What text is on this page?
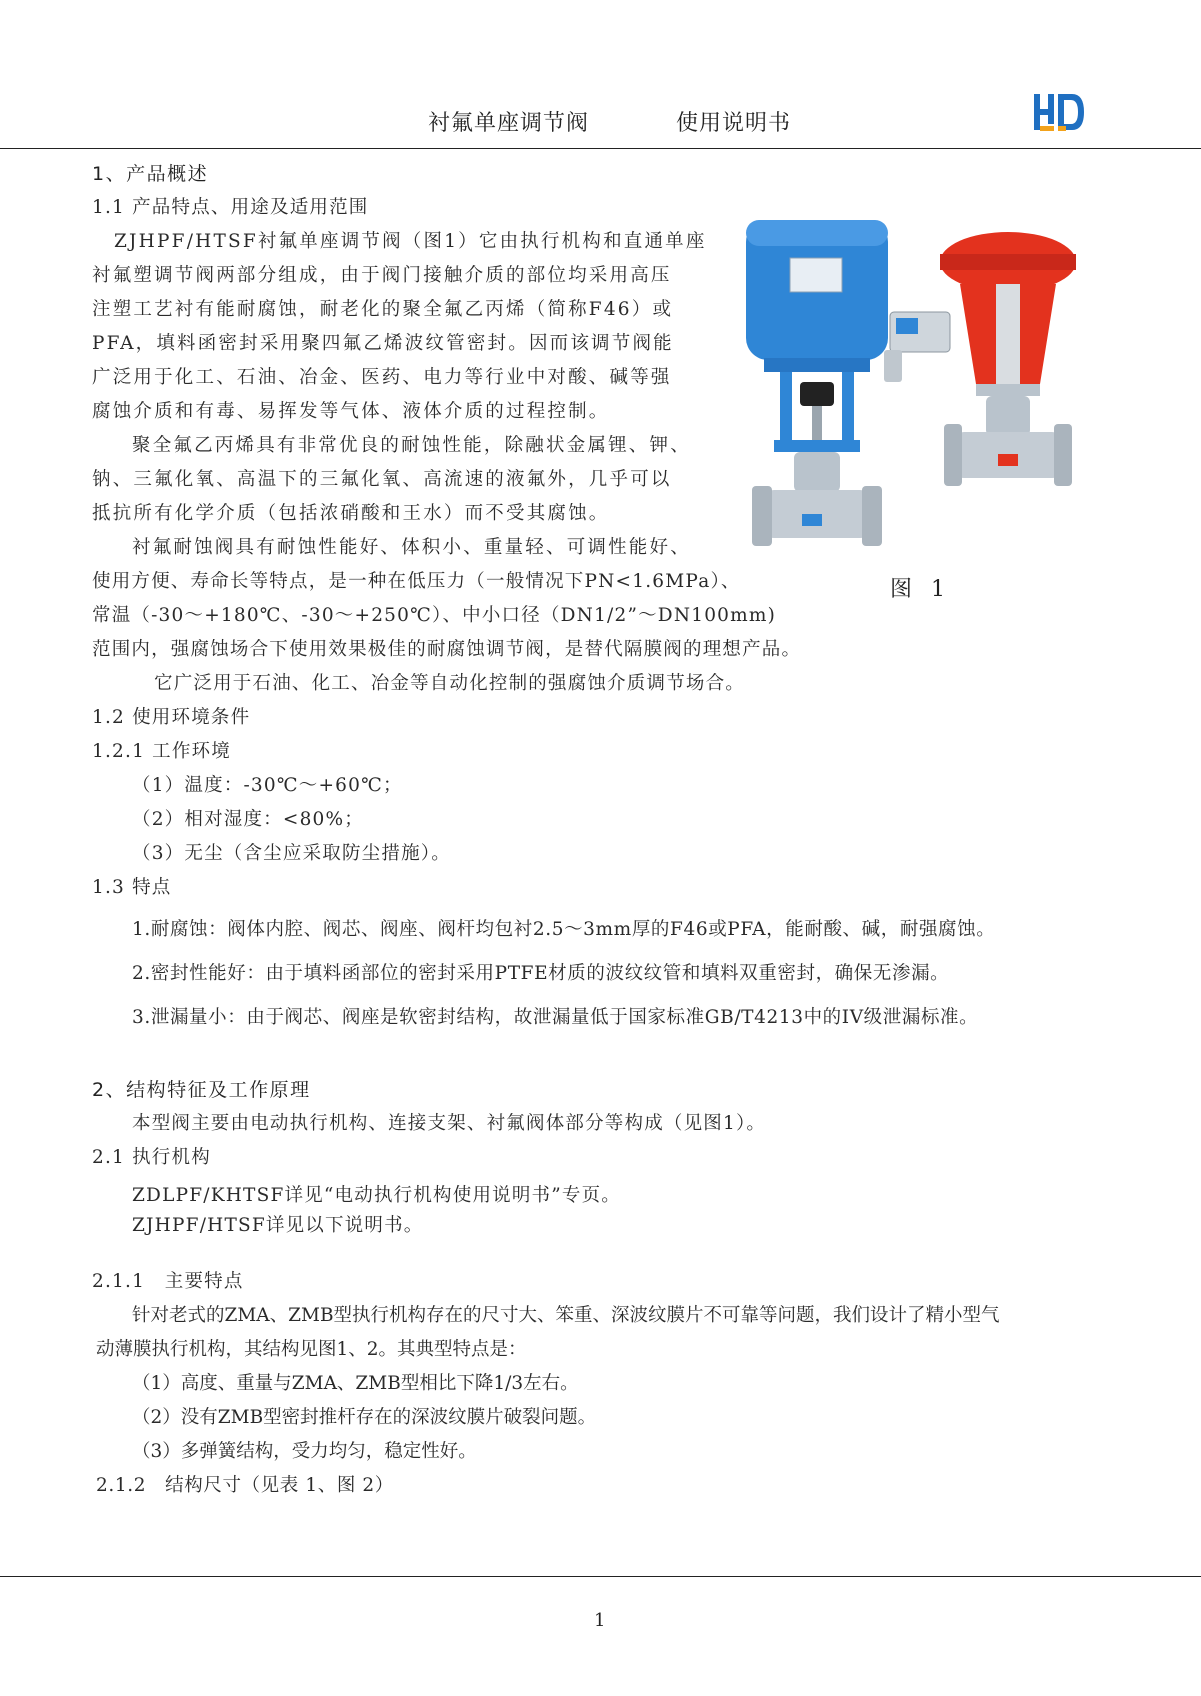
衬氟单座调节阀	使用说明书
1、产品概述
1.1 产品特点、用途及适用范围
ZJHPF/HTSF衬氟单座调节阀（图1）它由执行机构和直通单座
衬氟塑调节阀两部分组成，由于阀门接触介质的部位均采用高压
注塑工艺衬有能耐腐蚀，耐老化的聚全氟乙丙烯（简称F46）或
PFA，填料函密封采用聚四氟乙烯波纹管密封。因而该调节阀能
广泛用于化工、石油、冶金、医药、电力等行业中对酸、碱等强
腐蚀介质和有毒、易挥发等气体、液体介质的过程控制。
聚全氟乙丙烯具有非常优良的耐蚀性能，除融状金属锂、钾、
钠、三氟化氧、高温下的三氟化氧、高流速的液氟外，几乎可以
抵抗所有化学介质（包括浓硝酸和王水）而不受其腐蚀。
衬氟耐蚀阀具有耐蚀性能好、体积小、重量轻、可调性能好、
使用方便、寿命长等特点，是一种在低压力（一般情况下PN<1.6MPa）、
常温（-30～+180℃、-30～+250℃）、中小口径（DN1/2”～DN100mm)
范围内，强腐蚀场合下使用效果极佳的耐腐蚀调节阀，是替代隔膜阀的理想产品。
它广泛用于石油、化工、冶金等自动化控制的强腐蚀介质调节场合。
图 1
1.2 使用环境条件
1.2.1 工作环境
（1）温度：-30℃～+60℃；
（2）相对湿度：<80%；
（3）无尘（含尘应采取防尘措施）。
1.3 特点
1.耐腐蚀：阀体内腔、阀芯、阀座、阀杆均包衬2.5～3mm厚的F46或PFA，能耐酸、碱，耐强腐蚀。
2.密封性能好：由于填料函部位的密封采用PTFE材质的波纹纹管和填料双重密封，确保无渗漏。
3.泄漏量小：由于阀芯、阀座是软密封结构，故泄漏量低于国家标准GB/T4213中的IV级泄漏标准。
2、结构特征及工作原理
本型阀主要由电动执行机构、连接支架、衬氟阀体部分等构成（见图1）。
2.1 执行机构
ZDLPF/KHTSF详见“电动执行机构使用说明书”专页。
ZJHPF/HTSF详见以下说明书。
2.1.1　主要特点
针对老式的ZMA、ZMB型执行机构存在的尺寸大、笨重、深波纹膜片不可靠等问题，我们设计了精小型气
动薄膜执行机构，其结构见图1、2。其典型特点是：
（1）高度、重量与ZMA、ZMB型相比下降1/3左右。
（2）没有ZMB型密封推杆存在的深波纹膜片破裂问题。
（3）多弹簧结构，受力均匀，稳定性好。
2.1.2　结构尺寸（见表 1、图 2）
1
